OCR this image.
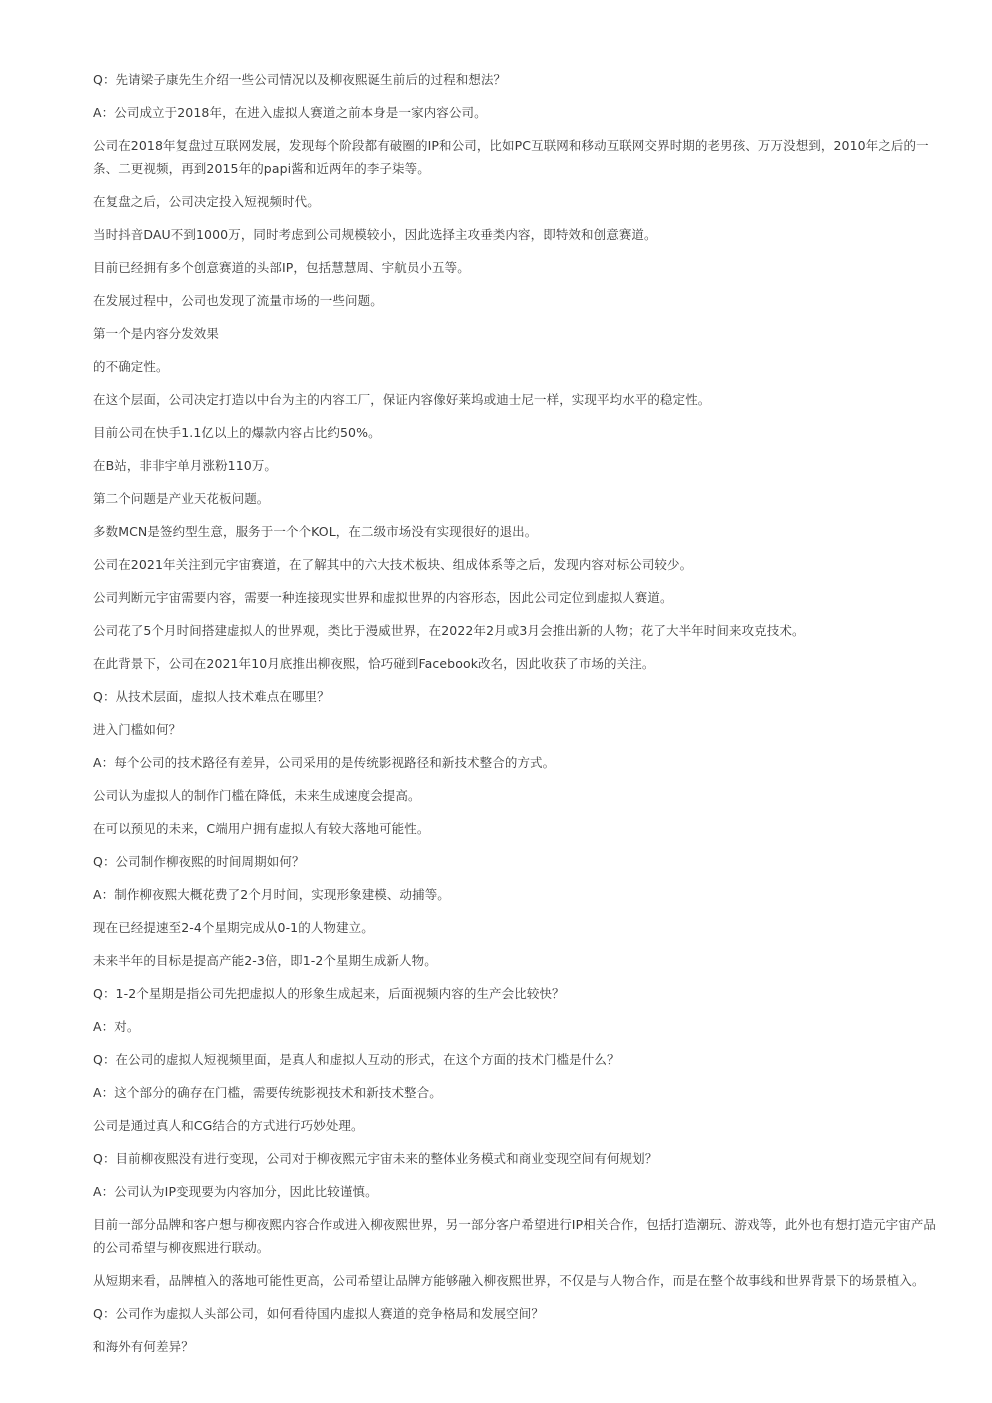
Q：先请梁子康先生介绍一些公司情况以及柳夜熙诞生前后的过程和想法？

A：公司成立于2018年，在进入虚拟人赛道之前本身是一家内容公司。

公司在2018年复盘过互联网发展，发现每个阶段都有破圈的IP和公司，比如PC互联网和移动互联网交界时期的老男孩、万万没想到，2010年之后的一条、二更视频，再到2015年的papi酱和近两年的李子柒等。

在复盘之后，公司决定投入短视频时代。

当时抖音DAU不到1000万，同时考虑到公司规模较小，因此选择主攻垂类内容，即特效和创意赛道。

目前已经拥有多个创意赛道的头部IP，包括慧慧周、宇航员小五等。

在发展过程中，公司也发现了流量市场的一些问题。

第一个是内容分发效果

的不确定性。

在这个层面，公司决定打造以中台为主的内容工厂，保证内容像好莱坞或迪士尼一样，实现平均水平的稳定性。

目前公司在快手1.1亿以上的爆款内容占比约50%。

在B站，非非宇单月涨粉110万。

第二个问题是产业天花板问题。

多数MCN是签约型生意，服务于一个个KOL，在二级市场没有实现很好的退出。

公司在2021年关注到元宇宙赛道，在了解其中的六大技术板块、组成体系等之后，发现内容对标公司较少。

公司判断元宇宙需要内容，需要一种连接现实世界和虚拟世界的内容形态，因此公司定位到虚拟人赛道。

公司花了5个月时间搭建虚拟人的世界观，类比于漫威世界，在2022年2月或3月会推出新的人物；花了大半年时间来攻克技术。

在此背景下，公司在2021年10月底推出柳夜熙，恰巧碰到Facebook改名，因此收获了市场的关注。

Q：从技术层面，虚拟人技术难点在哪里？

进入门槛如何？

A：每个公司的技术路径有差异，公司采用的是传统影视路径和新技术整合的方式。

公司认为虚拟人的制作门槛在降低，未来生成速度会提高。

在可以预见的未来，C端用户拥有虚拟人有较大落地可能性。

Q：公司制作柳夜熙的时间周期如何？

A：制作柳夜熙大概花费了2个月时间，实现形象建模、动捕等。

现在已经提速至2-4个星期完成从0-1的人物建立。

未来半年的目标是提高产能2-3倍，即1-2个星期生成新人物。

Q：1-2个星期是指公司先把虚拟人的形象生成起来，后面视频内容的生产会比较快？

A：对。

Q：在公司的虚拟人短视频里面，是真人和虚拟人互动的形式，在这个方面的技术门槛是什么？

A：这个部分的确存在门槛，需要传统影视技术和新技术整合。

公司是通过真人和CG结合的方式进行巧妙处理。

Q：目前柳夜熙没有进行变现，公司对于柳夜熙元宇宙未来的整体业务模式和商业变现空间有何规划？

A：公司认为IP变现要为内容加分，因此比较谨慎。

目前一部分品牌和客户想与柳夜熙内容合作或进入柳夜熙世界，另一部分客户希望进行IP相关合作，包括打造潮玩、游戏等，此外也有想打造元宇宙产品的公司希望与柳夜熙进行联动。

从短期来看，品牌植入的落地可能性更高，公司希望让品牌方能够融入柳夜熙世界，不仅是与人物合作，而是在整个故事线和世界背景下的场景植入。

Q：公司作为虚拟人头部公司，如何看待国内虚拟人赛道的竞争格局和发展空间？

和海外有何差异？
